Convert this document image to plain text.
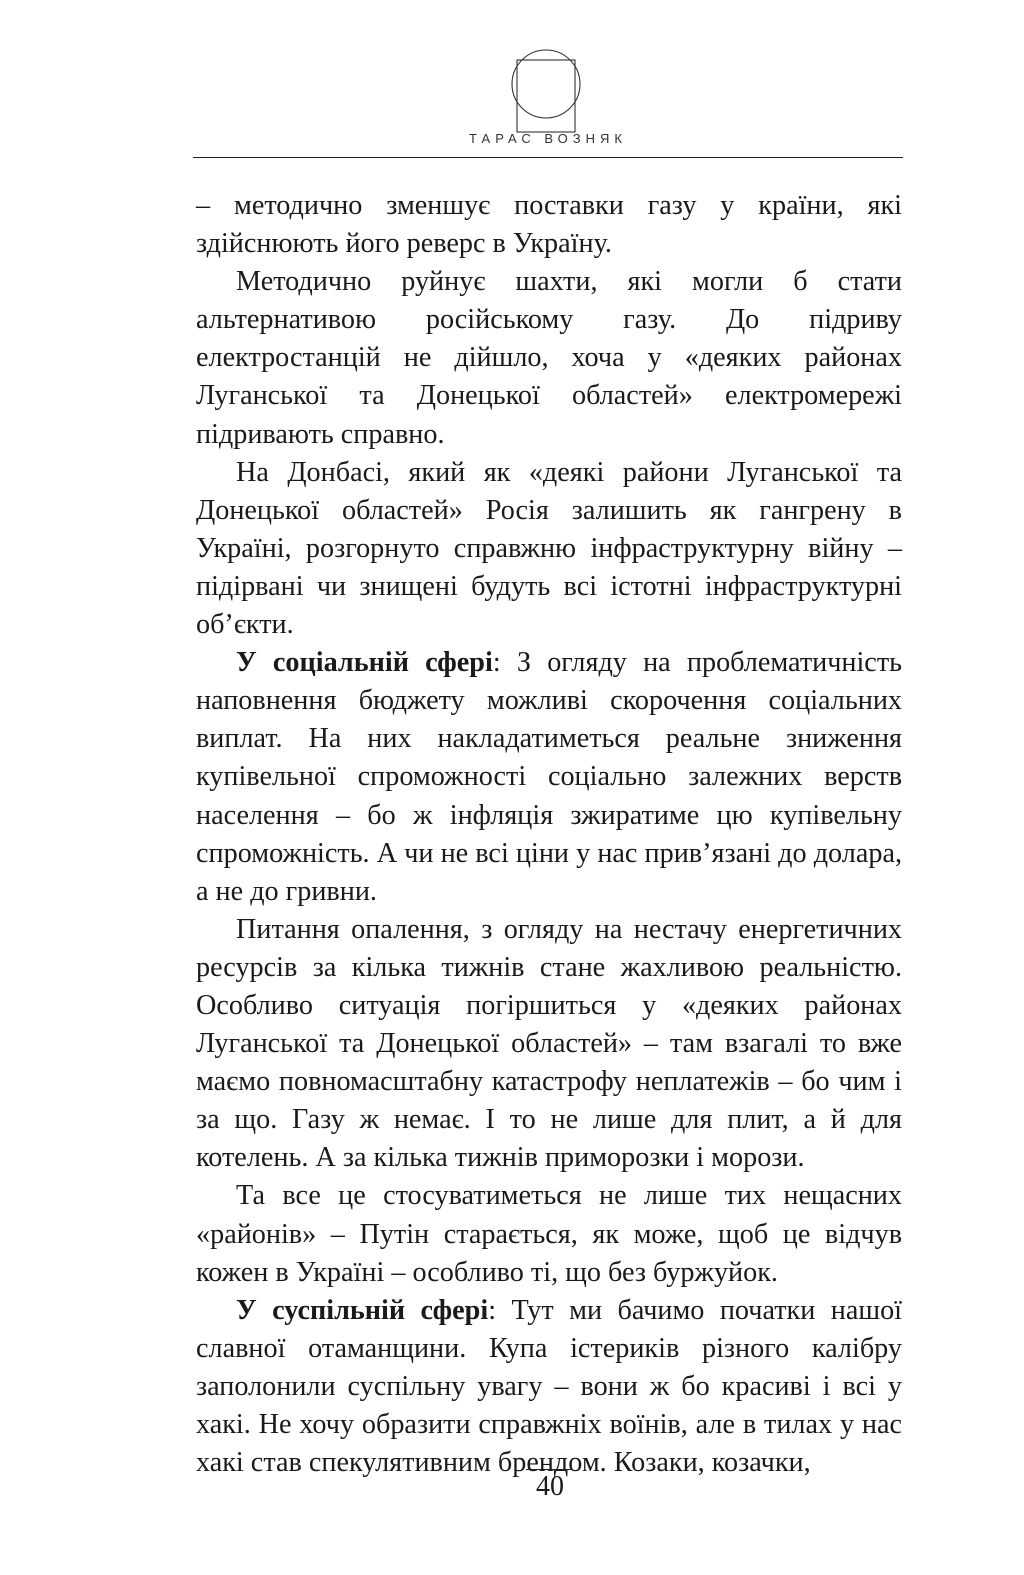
ТАРАС ВОЗНЯК

– методично зменшує поставки газу у країни, які здійснюють його реверс в Україну.

Методично руйнує шахти, які могли б стати альтернативою російському газу. До підриву електростанцій не дійшло, хоча у «деяких районах Луганської та Донецької областей» електромережі підривають справно.

На Донбасі, який як «деякі райони Луганської та Донецької областей» Росія залишить як гангрену в Україні, розгорнуто справжню інфраструктурну війну – підірвані чи знищені будуть всі істотні інфраструктурні об’єкти.

У соціальній сфері: З огляду на проблематичність наповнення бюджету можливі скорочення соціальних виплат. На них накладатиметься реальне зниження купівельної спроможності соціально залежних верств населення – бо ж інфляція зжиратиме цю купівельну спроможність. А чи не всі ціни у нас прив’язані до долара, а не до гривни.

Питання опалення, з огляду на нестачу енергетичних ресурсів за кілька тижнів стане жахливою реальністю. Особливо ситуація погіршиться у «деяких районах Луганської та Донецької областей» – там взагалі то вже маємо повномасштабну катастрофу неплатежів – бо чим і за що. Газу ж немає. І то не лише для плит, а й для котелень. А за кілька тижнів приморозки і морози.

Та все це стосуватиметься не лише тих нещасних «районів» – Путін старається, як може, щоб це відчув кожен в Україні – особливо ті, що без буржуйок.

У суспільній сфері: Тут ми бачимо початки нашої славної отаманщини. Купа істериків різного калібру заполонили суспільну увагу – вони ж бо красиві і всі у хакі. Не хочу образити справжніх воїнів, але в тилах у нас хакі став спекулятивним брендом. Козаки, козачки,

40
